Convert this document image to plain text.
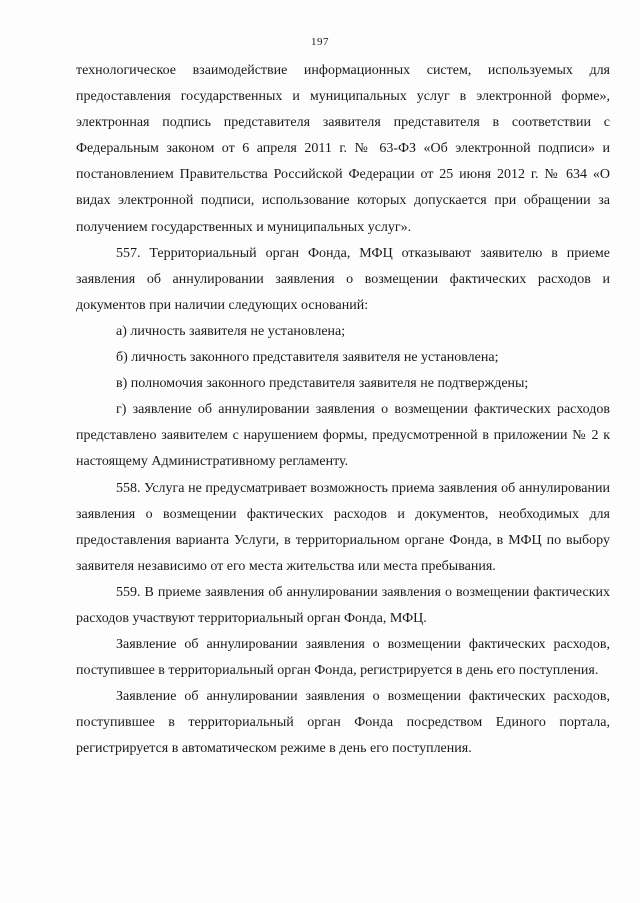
197

технологическое взаимодействие информационных систем, используемых для предоставления государственных и муниципальных услуг в электронной форме», электронная подпись представителя заявителя представителя в соответствии с Федеральным законом от 6 апреля 2011 г. № 63-ФЗ «Об электронной подписи» и постановлением Правительства Российской Федерации от 25 июня 2012 г. № 634 «О видах электронной подписи, использование которых допускается при обращении за получением государственных и муниципальных услуг».

557. Территориальный орган Фонда, МФЦ отказывают заявителю в приеме заявления об аннулировании заявления о возмещении фактических расходов и документов при наличии следующих оснований:

а) личность заявителя не установлена;

б) личность законного представителя заявителя не установлена;

в) полномочия законного представителя заявителя не подтверждены;

г) заявление об аннулировании заявления о возмещении фактических расходов представлено заявителем с нарушением формы, предусмотренной в приложении № 2 к настоящему Административному регламенту.

558. Услуга не предусматривает возможность приема заявления об аннулировании заявления о возмещении фактических расходов и документов, необходимых для предоставления варианта Услуги, в территориальном органе Фонда, в МФЦ по выбору заявителя независимо от его места жительства или места пребывания.

559. В приеме заявления об аннулировании заявления о возмещении фактических расходов участвуют территориальный орган Фонда, МФЦ.

Заявление об аннулировании заявления о возмещении фактических расходов, поступившее в территориальный орган Фонда, регистрируется в день его поступления.

Заявление об аннулировании заявления о возмещении фактических расходов, поступившее в территориальный орган Фонда посредством Единого портала, регистрируется в автоматическом режиме в день его поступления.
